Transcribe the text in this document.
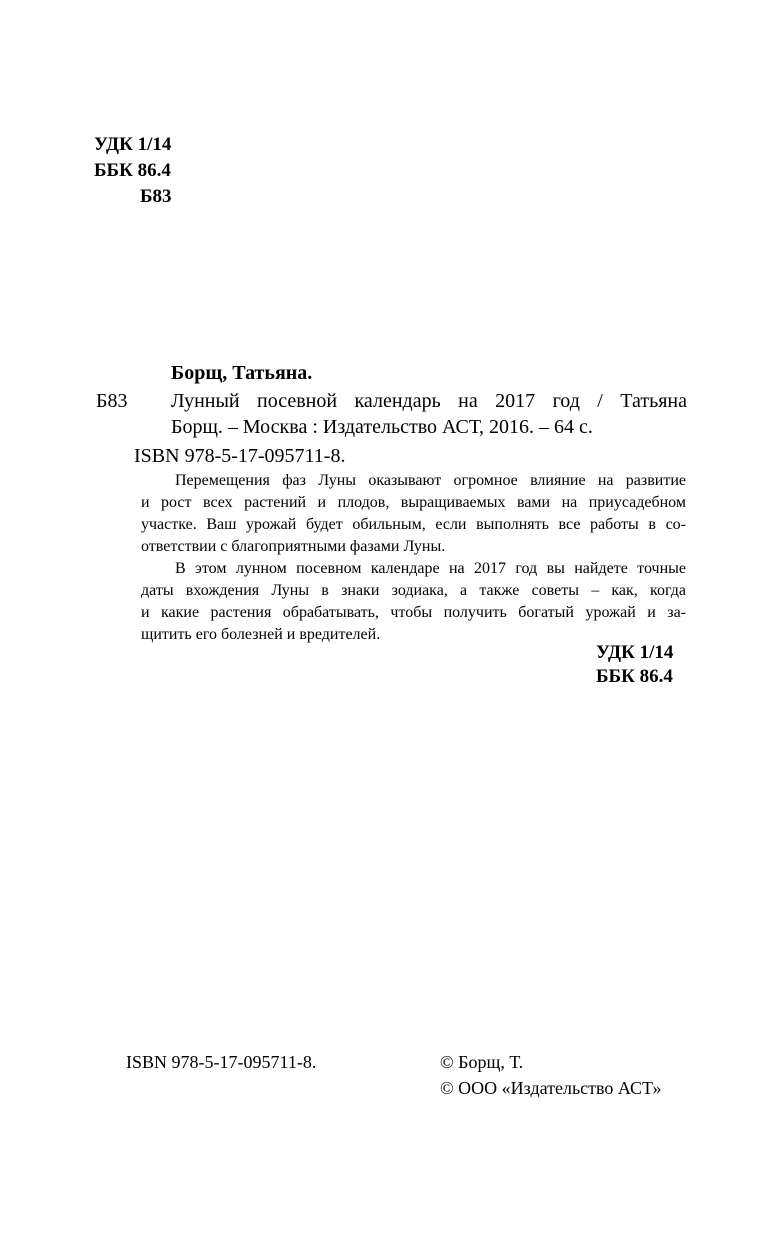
УДК 1/14
ББК 86.4
Б83
Борщ, Татьяна.
Б83 Лунный посевной календарь на 2017 год / Татьяна
Борщ. – Москва : Издательство АСТ, 2016. – 64 с.
ISBN 978-5-17-095711-8.
Перемещения фаз Луны оказывают огромное влияние на развитие
и рост всех растений и плодов, выращиваемых вами на приусадебном
участке. Ваш урожай будет обильным, если выполнять все работы в со-
ответствии с благоприятными фазами Луны.
В этом лунном посевном календаре на 2017 год вы найдете точные
даты вхождения Луны в знаки зодиака, а также советы – как, когда
и какие растения обрабатывать, чтобы получить богатый урожай и за-
щитить его болезней и вредителей.
УДК 1/14
ББК 86.4
ISBN 978-5-17-095711-8.	© Борщ, Т.
© ООО «Издательство АСТ»
